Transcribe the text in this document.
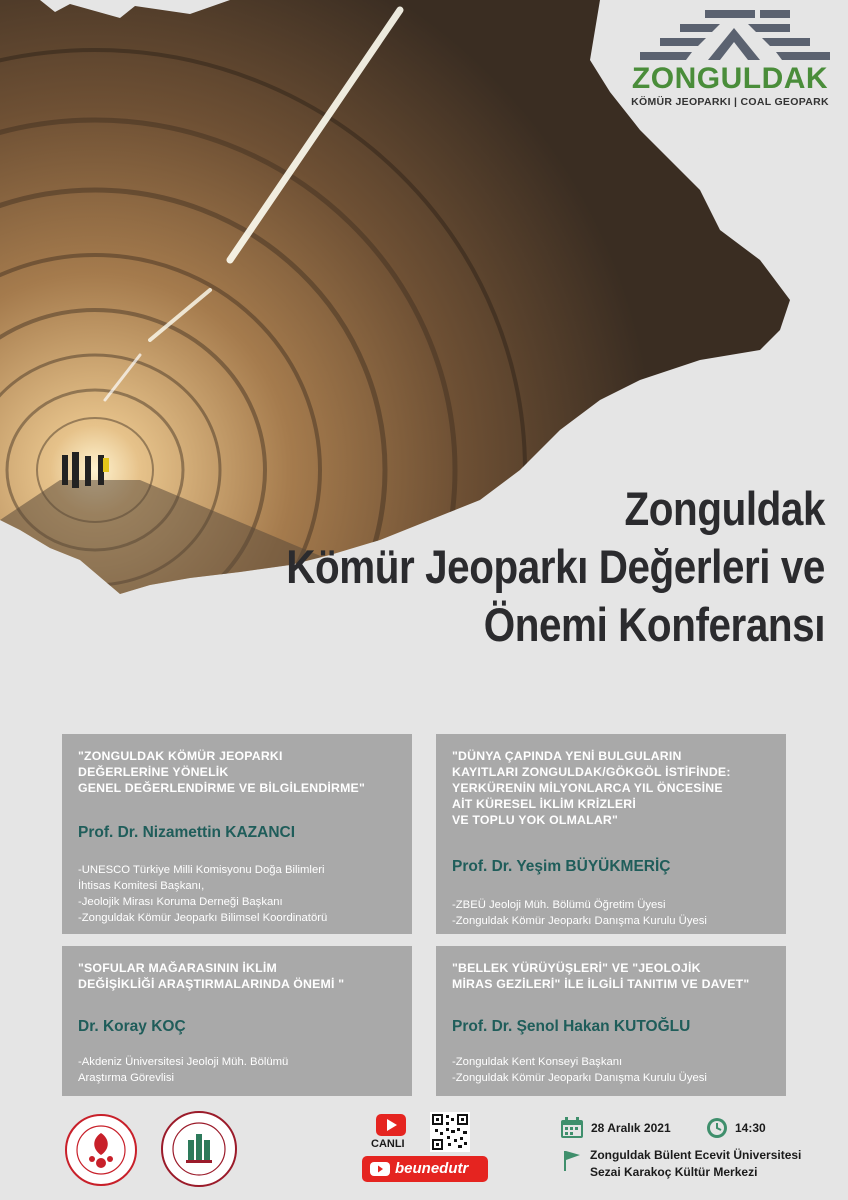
ZONGULDAK
KÖMÜR JEOPARKI | COAL GEOPARK
Zonguldak
Kömür Jeoparkı Değerleri ve
Önemi Konferansı
"ZONGULDAK KÖMÜR JEOPARKI
DEĞERLERİNE YÖNELİK
GENEL DEĞERLENDİRME VE BİLGİLENDİRME"
Prof. Dr. Nizamettin KAZANCI
-UNESCO Türkiye Milli Komisyonu Doğa Bilimleri
İhtisas Komitesi Başkanı,
-Jeolojik Mirası Koruma Derneği Başkanı
-Zonguldak Kömür Jeoparkı Bilimsel Koordinatörü
"DÜNYA ÇAPINDA YENİ BULGULARIN
KAYITLARI ZONGULDAK/GÖKGÖL İSTİFİNDE:
YERKÜRENİN MİLYONLARCA YIL ÖNCESİNE
AİT KÜRESEL İKLİM KRİZLERİ
VE TOPLU YOK OLMALAR"
Prof. Dr. Yeşim BÜYÜKMERİÇ
-ZBEÜ Jeoloji Müh. Bölümü Öğretim Üyesi
-Zonguldak Kömür Jeoparkı Danışma Kurulu Üyesi
"SOFULAR MAĞARASININ İKLİM
DEĞİŞİKLİĞİ ARAŞTIRMALARINDA ÖNEMİ "
Dr. Koray KOÇ
-Akdeniz Üniversitesi Jeoloji Müh. Bölümü
Araştırma Görevlisi
"BELLEK YÜRÜYÜŞLERİ" VE "JEOLOJİK
MİRAS GEZİLERİ" İLE İLGİLİ TANITIM VE DAVET"
Prof. Dr. Şenol Hakan KUTOĞLU
-Zonguldak Kent Konseyi Başkanı
-Zonguldak Kömür Jeoparkı Danışma Kurulu Üyesi
CANLI
beunedutr
28 Aralık 2021	14:30
Zonguldak Bülent Ecevit Üniversitesi
Sezai Karakoç Kültür Merkezi
